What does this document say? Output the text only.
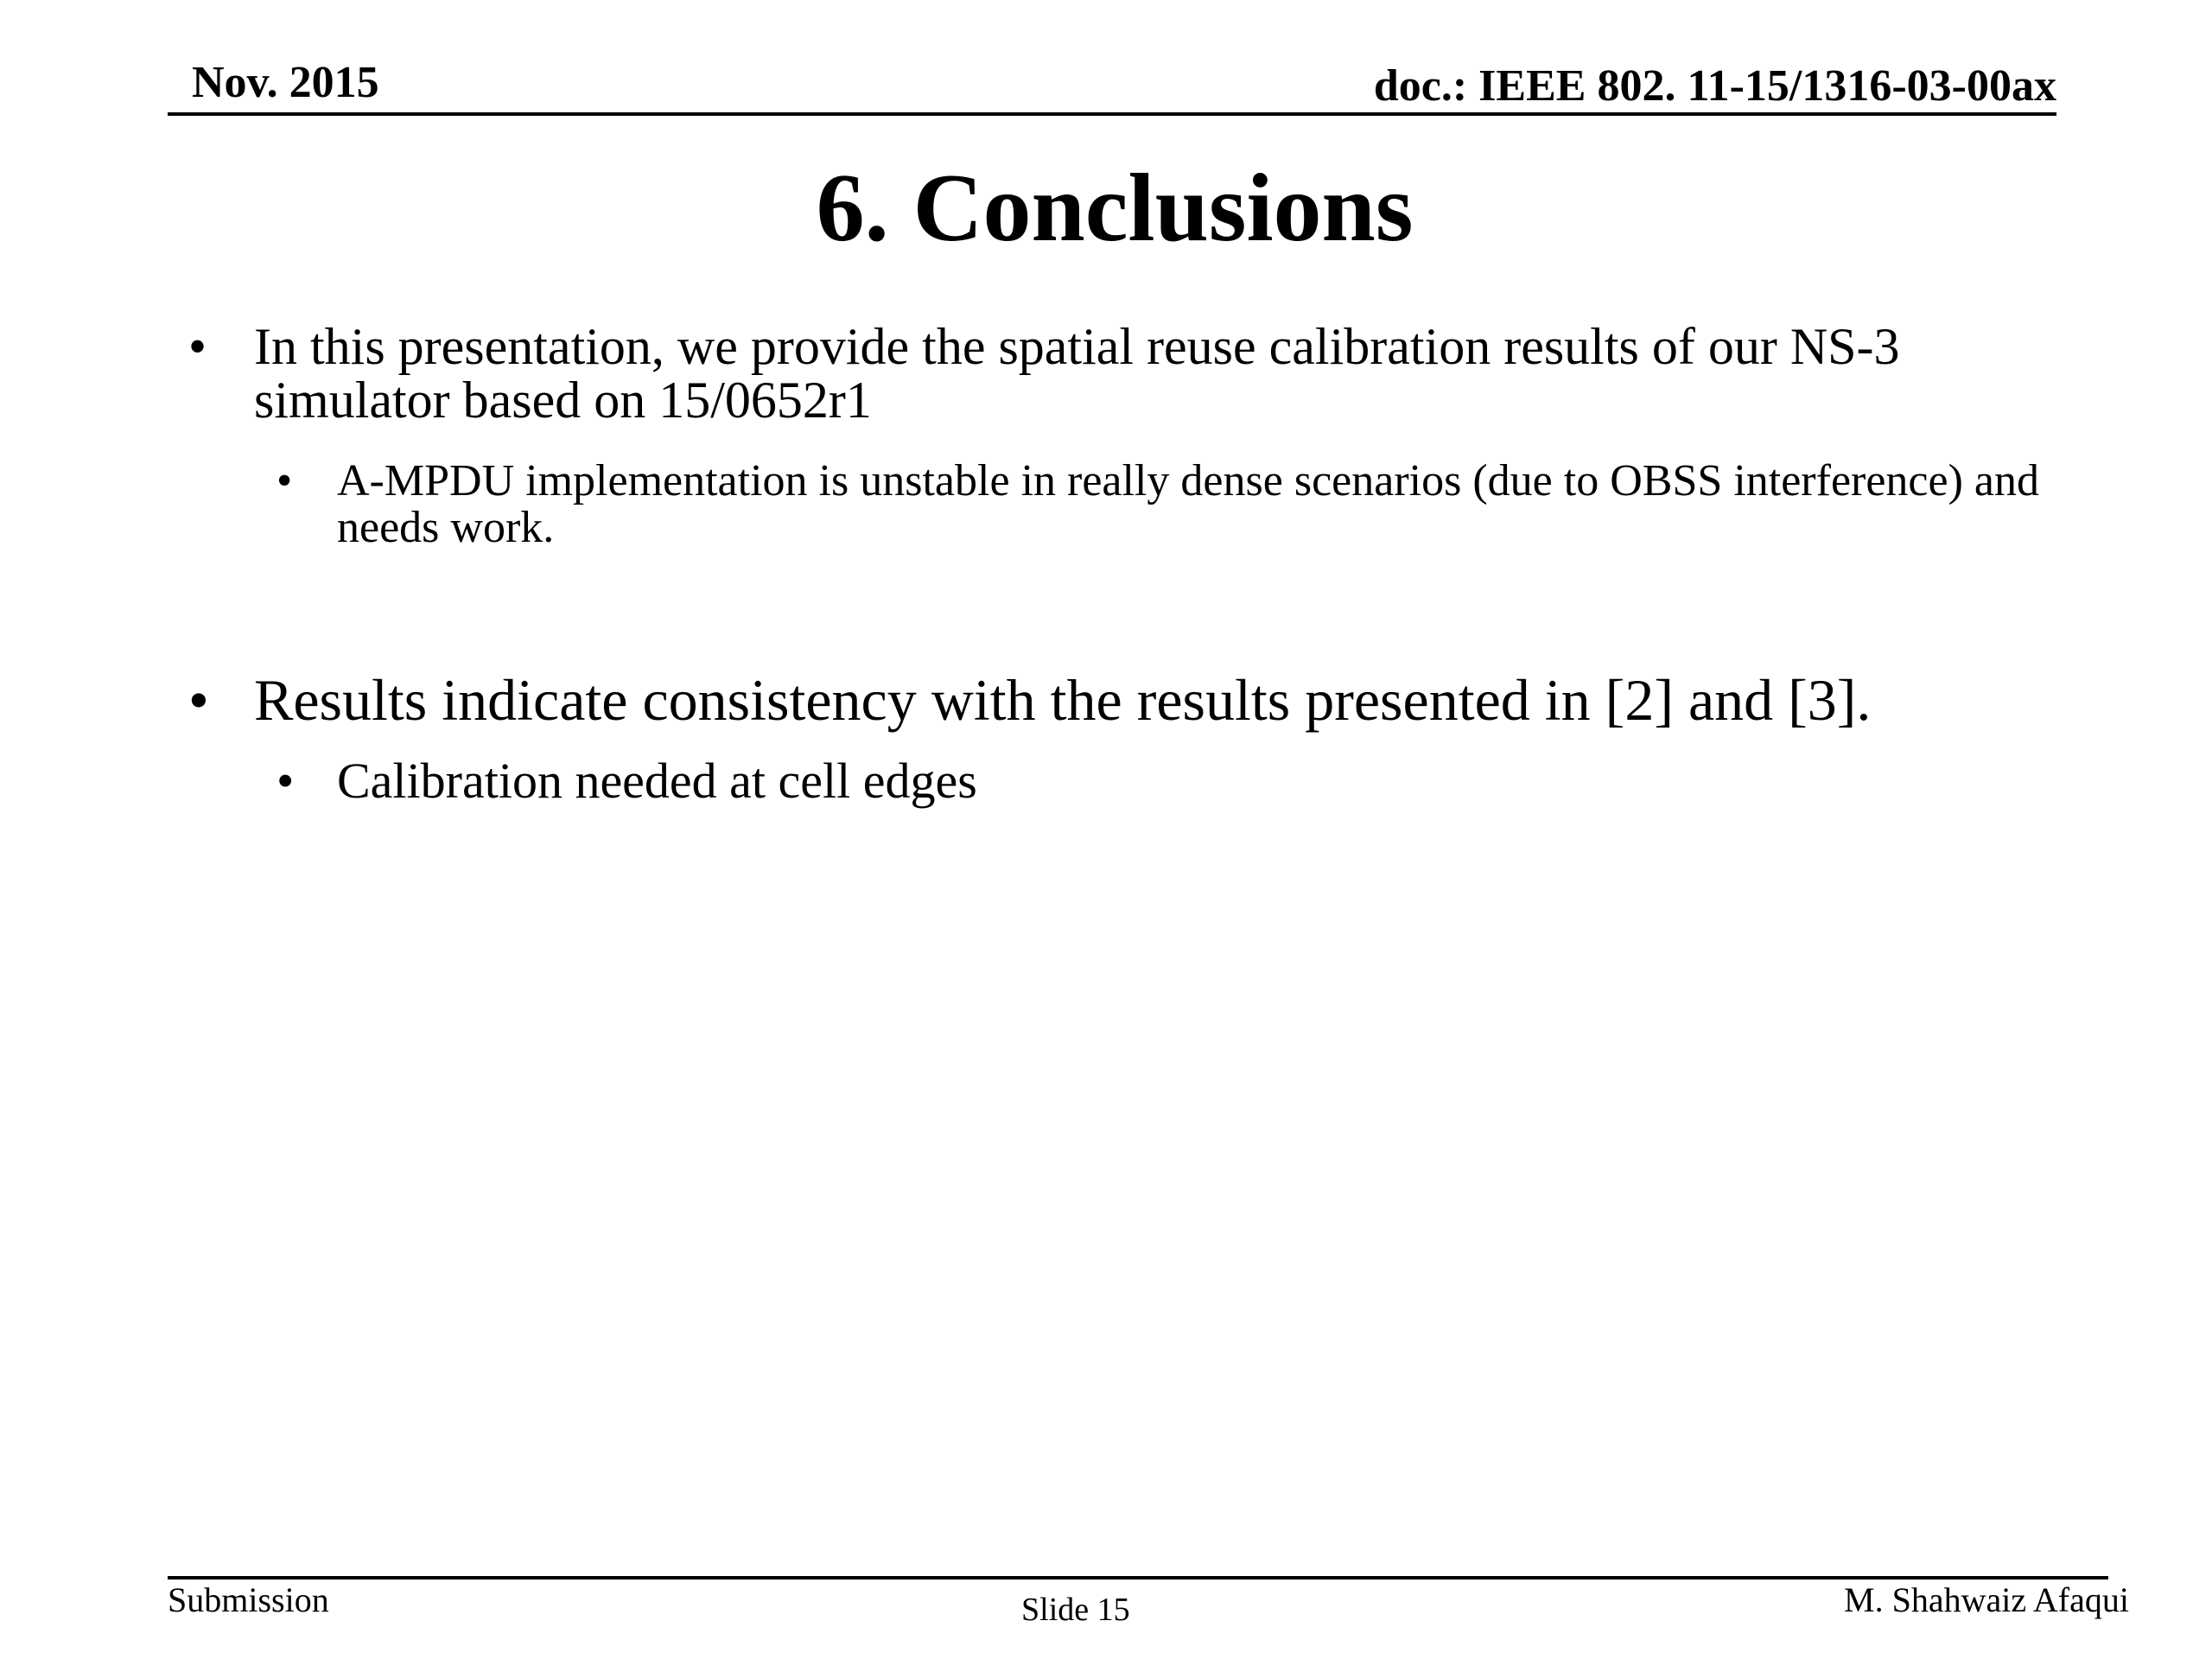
Nov. 2015	doc.: IEEE 802. 11-15/1316-03-00ax
6. Conclusions
• In this presentation, we provide the spatial reuse calibration results of our NS-3 simulator based on 15/0652r1
• A-MPDU implementation is unstable in really dense scenarios (due to OBSS interference) and needs work.
• Results indicate consistency with the results presented in [2] and [3].
• Calibration needed at cell edges
Submission	Slide 15	M. Shahwaiz Afaqui
